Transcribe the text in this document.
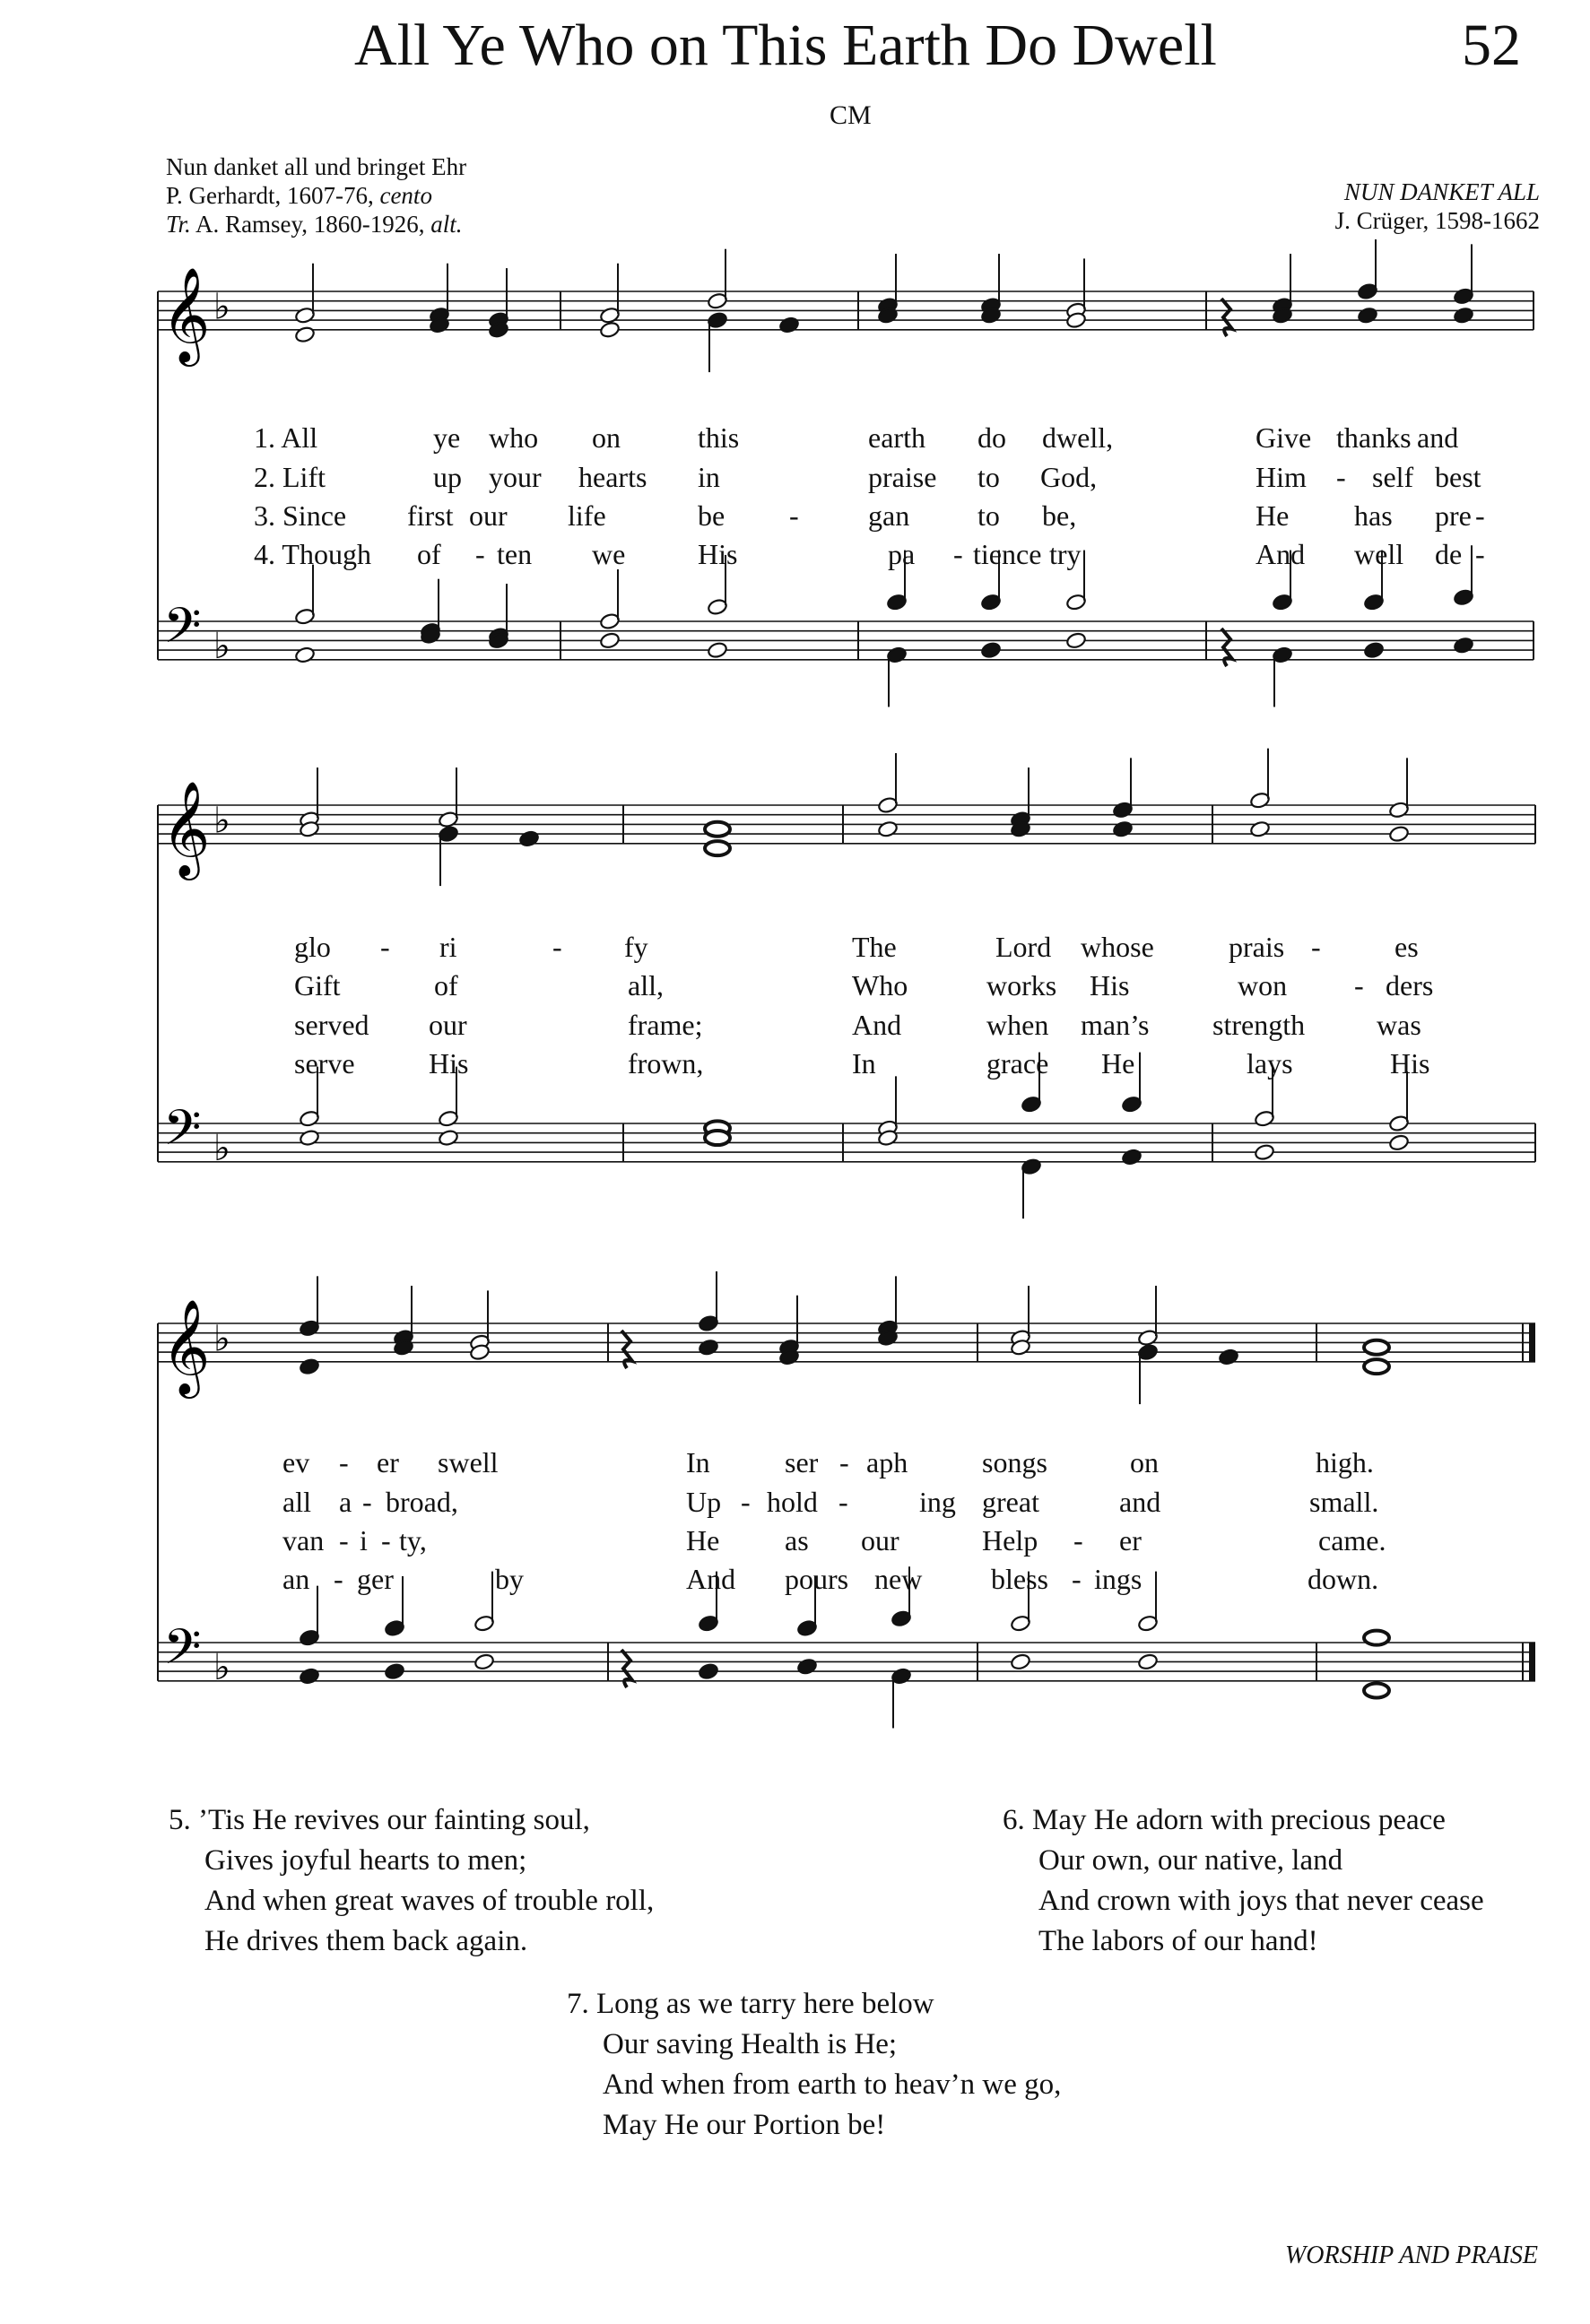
All Ye Who on This Earth Do Dwell	52
CM
Nun danket all und bringet Ehr
P. Gerhardt, 1607-76, cento
Tr. A. Ramsey, 1860-1926, alt.
NUN DANKET ALL
J. Crüger, 1598-1662
𝄞
𝄢
♭
♭
𝄞
𝄢
♭
♭
𝄞
𝄢
♭
♭
1. All	ye who on	this	earth do dwell,	Give thanks and
2. Lift	up your hearts in	praise to God,	Him - self best
3. Since first our life	be - gan to be,	He has pre -
4. Though of - ten we	His	pa - tience try	And well de -
glo - ri	- fy	The	Lord whose	prais -	es
Gift	of	all,	Who	works His	won - ders
served our	frame;	And	when man’s strength was
serve	His	frown,	In	grace He	lays	His
ev - er swell	In	ser - aph	songs	on	high.
all a - broad,	Up - hold - ing great	and	small.
van - i - ty,	He as our	Help - er	came.
an - ger	by	And pours new bless - ings	down.
5. ’Tis He revives our fainting soul,
Gives joyful hearts to men;
And when great waves of trouble roll,
He drives them back again.
6. May He adorn with precious peace
Our own, our native, land
And crown with joys that never cease
The labors of our hand!
7. Long as we tarry here below
Our saving Health is He;
And when from earth to heav’n we go,
May He our Portion be!
WORSHIP AND PRAISE
